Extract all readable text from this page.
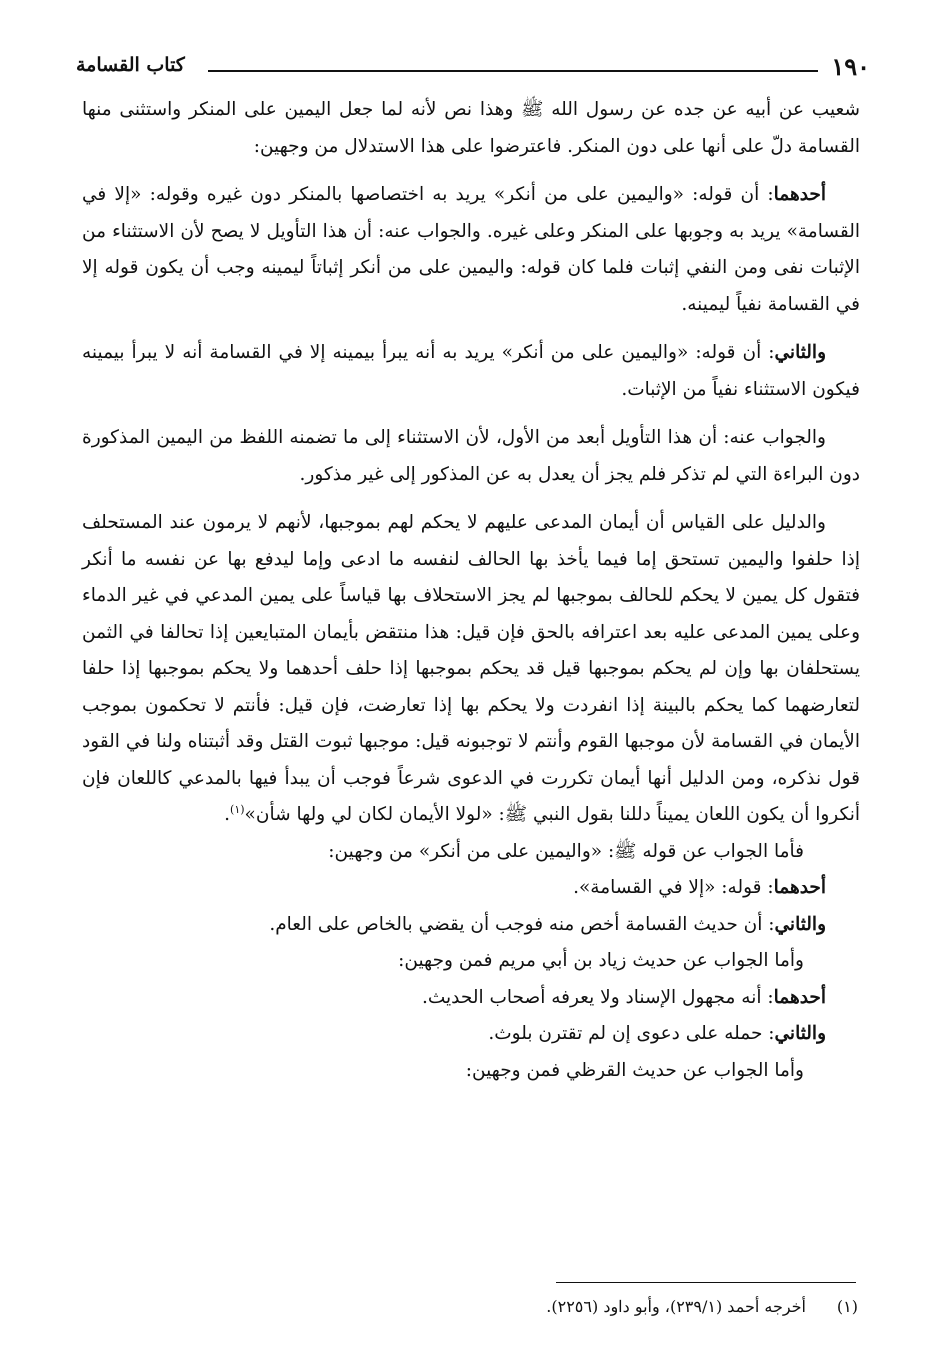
١٩٠
كتاب القسامة

شعيب عن أبيه عن جده عن رسول الله ﷺ وهذا نص لأنه لما جعل اليمين على المنكر واستثنى منها القسامة دلّ على أنها على دون المنكر. فاعترضوا على هذا الاستدلال من وجهين:

أحدهما: أن قوله: «واليمين على من أنكر» يريد به اختصاصها بالمنكر دون غيره وقوله: «إلا في القسامة» يريد به وجوبها على المنكر وعلى غيره. والجواب عنه: أن هذا التأويل لا يصح لأن الاستثناء من الإثبات نفى ومن النفي إثبات فلما كان قوله: واليمين على من أنكر إثباتاً ليمينه وجب أن يكون قوله إلا في القسامة نفياً ليمينه.

والثاني: أن قوله: «واليمين على من أنكر» يريد به أنه يبرأ بيمينه إلا في القسامة أنه لا يبرأ بيمينه فيكون الاستثناء نفياً من الإثبات.

والجواب عنه: أن هذا التأويل أبعد من الأول، لأن الاستثناء إلى ما تضمنه اللفظ من اليمين المذكورة دون البراءة التي لم تذكر فلم يجز أن يعدل به عن المذكور إلى غير مذكور.

والدليل على القياس أن أيمان المدعى عليهم لا يحكم لهم بموجبها، لأنهم لا يرمون عند المستحلف إذا حلفوا واليمين تستحق إما فيما يأخذ بها الحالف لنفسه ما ادعى وإما ليدفع بها عن نفسه ما أنكر فتقول كل يمين لا يحكم للحالف بموجبها لم يجز الاستحلاف بها قياساً على يمين المدعي في غير الدماء وعلى يمين المدعى عليه بعد اعترافه بالحق فإن قيل: هذا منتقض بأيمان المتبايعين إذا تحالفا في الثمن يستحلفان بها وإن لم يحكم بموجبها قيل قد يحكم بموجبها إذا حلف أحدهما ولا يحكم بموجبها إذا حلفا لتعارضهما كما يحكم بالبينة إذا انفردت ولا يحكم بها إذا تعارضت، فإن قيل: فأنتم لا تحكمون بموجب الأيمان في القسامة لأن موجبها القوم وأنتم لا توجبونه قيل: موجبها ثبوت القتل وقد أثبتناه ولنا في القود قول نذكره، ومن الدليل أنها أيمان تكررت في الدعوى شرعاً فوجب أن يبدأ فيها بالمدعي كاللعان فإن أنكروا أن يكون اللعان يميناً دللنا بقول النبي ﷺ: «لولا الأيمان لكان لي ولها شأن»$^{(١)}$.

فأما الجواب عن قوله ﷺ: «واليمين على من أنكر» من وجهين:

أحدهما: قوله: «إلا في القسامة».

والثاني: أن حديث القسامة أخص منه فوجب أن يقضي بالخاص على العام.

وأما الجواب عن حديث زياد بن أبي مريم فمن وجهين:

أحدهما: أنه مجهول الإسناد ولا يعرفه أصحاب الحديث.

والثاني: حمله على دعوى إن لم تقترن بلوث.

وأما الجواب عن حديث القرظي فمن وجهين:

(١)أخرجه أحمد (٢٣٩/١)، وأبو داود (٢٢٥٦).
